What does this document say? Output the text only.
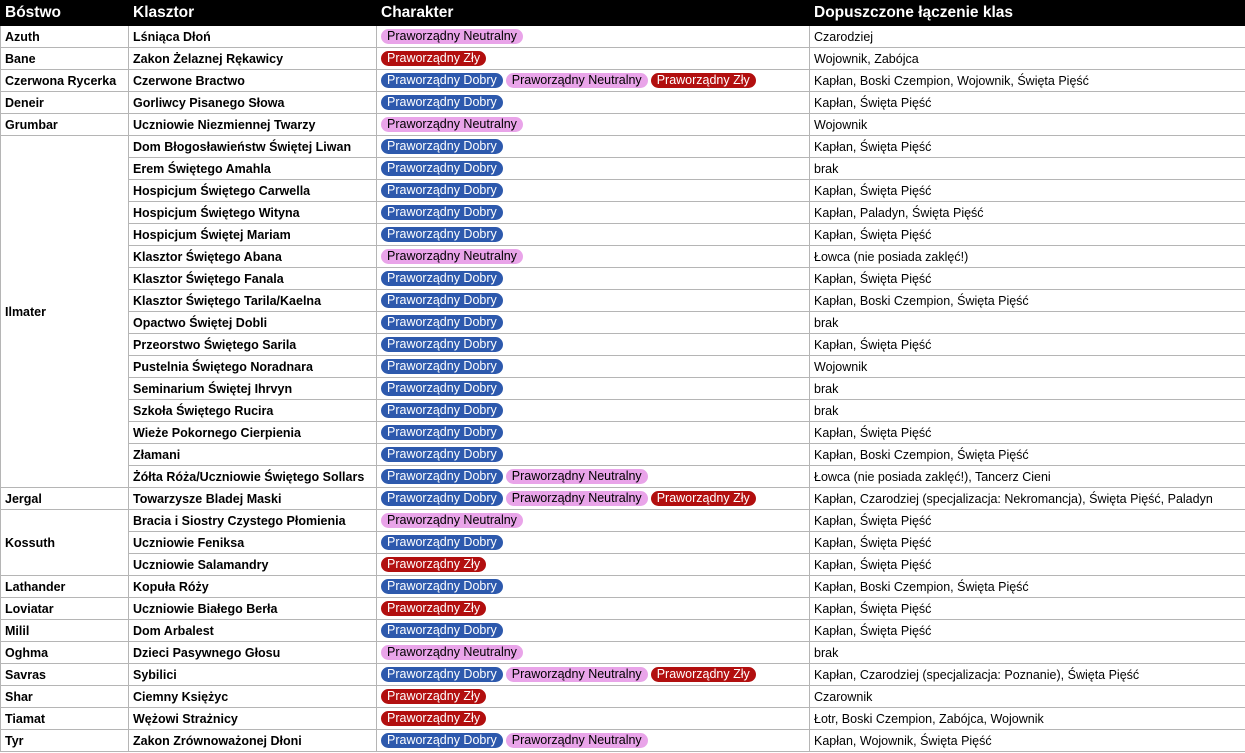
Bóstwo	Klasztor	Charakter	Dopuszczone łączenie klas
Azuth	Lśniąca Dłoń	Praworządny Neutralny	Czarodziej
Bane	Zakon Żelaznej Rękawicy	Praworządny Zły	Wojownik, Zabójca
Czerwona Rycerka	Czerwone Bractwo	Praworządny Dobry Praworządny Neutralny Praworządny Zły	Kapłan, Boski Czempion, Wojownik, Święta Pięść
Deneir	Gorliwcy Pisanego Słowa	Praworządny Dobry	Kapłan, Święta Pięść
Grumbar	Uczniowie Niezmiennej Twarzy	Praworządny Neutralny	Wojownik
Ilmater	Dom Błogosławieństw Świętej Liwan	Praworządny Dobry	Kapłan, Święta Pięść
	Erem Świętego Amahla	Praworządny Dobry	brak
	Hospicjum Świętego Carwella	Praworządny Dobry	Kapłan, Święta Pięść
	Hospicjum Świętego Wityna	Praworządny Dobry	Kapłan, Paladyn, Święta Pięść
	Hospicjum Świętej Mariam	Praworządny Dobry	Kapłan, Święta Pięść
	Klasztor Świętego Abana	Praworządny Neutralny	Łowca (nie posiada zaklęć!)
	Klasztor Świętego Fanala	Praworządny Dobry	Kapłan, Święta Pięść
	Klasztor Świętego Tarila/Kaelna	Praworządny Dobry	Kapłan, Boski Czempion, Święta Pięść
	Opactwo Świętej Dobli	Praworządny Dobry	brak
	Przeorstwo Świętego Sarila	Praworządny Dobry	Kapłan, Święta Pięść
	Pustelnia Świętego Noradnara	Praworządny Dobry	Wojownik
	Seminarium Świętej Ihrvyn	Praworządny Dobry	brak
	Szkoła Świętego Rucira	Praworządny Dobry	brak
	Wieże Pokornego Cierpienia	Praworządny Dobry	Kapłan, Święta Pięść
	Złamani	Praworządny Dobry	Kapłan, Boski Czempion, Święta Pięść
	Żółta Róża/Uczniowie Świętego Sollars	Praworządny Dobry Praworządny Neutralny	Łowca (nie posiada zaklęć!), Tancerz Cieni
Jergal	Towarzysze Bladej Maski	Praworządny Dobry Praworządny Neutralny Praworządny Zły	Kapłan, Czarodziej (specjalizacja: Nekromancja), Święta Pięść, Paladyn
Kossuth	Bracia i Siostry Czystego Płomienia	Praworządny Neutralny	Kapłan, Święta Pięść
	Uczniowie Feniksa	Praworządny Dobry	Kapłan, Święta Pięść
	Uczniowie Salamandry	Praworządny Zły	Kapłan, Święta Pięść
Lathander	Kopuła Róży	Praworządny Dobry	Kapłan, Boski Czempion, Święta Pięść
Loviatar	Uczniowie Białego Berła	Praworządny Zły	Kapłan, Święta Pięść
Milil	Dom Arbalest	Praworządny Dobry	Kapłan, Święta Pięść
Oghma	Dzieci Pasywnego Głosu	Praworządny Neutralny	brak
Savras	Sybilici	Praworządny Dobry Praworządny Neutralny Praworządny Zły	Kapłan, Czarodziej (specjalizacja: Poznanie), Święta Pięść
Shar	Ciemny Księżyc	Praworządny Zły	Czarownik
Tiamat	Wężowi Strażnicy	Praworządny Zły	Łotr, Boski Czempion, Zabójca, Wojownik
Tyr	Zakon Zrównoważonej Dłoni	Praworządny Dobry Praworządny Neutralny	Kapłan, Wojownik, Święta Pięść
